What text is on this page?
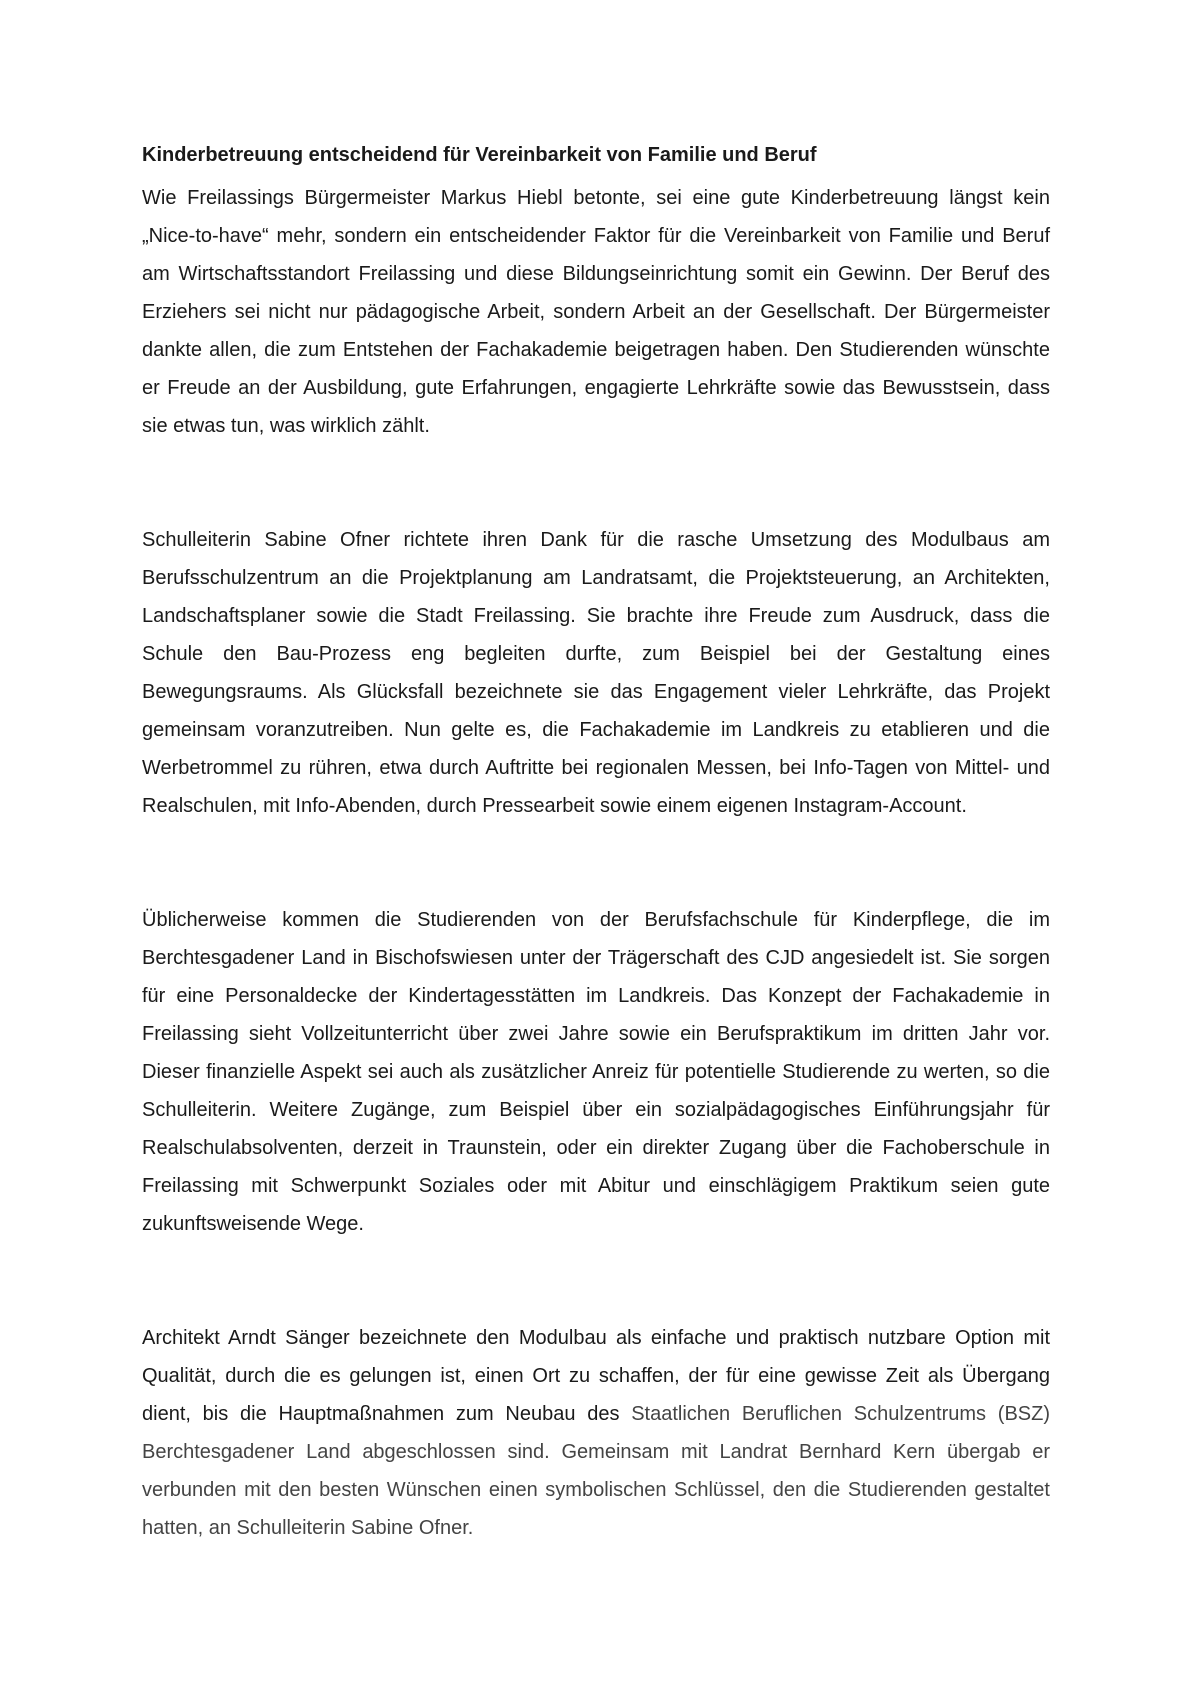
Kinderbetreuung entscheidend für Vereinbarkeit von Familie und Beruf

Wie Freilassings Bürgermeister Markus Hiebl betonte, sei eine gute Kinderbetreuung längst kein „Nice-to-have“ mehr, sondern ein entscheidender Faktor für die Vereinbarkeit von Familie und Beruf am Wirtschaftsstandort Freilassing und diese Bildungseinrichtung somit ein Gewinn. Der Beruf des Erziehers sei nicht nur pädagogische Arbeit, sondern Arbeit an der Gesellschaft. Der Bürgermeister dankte allen, die zum Entstehen der Fachakademie beigetragen haben. Den Studierenden wünschte er Freude an der Ausbildung, gute Erfahrungen, engagierte Lehrkräfte sowie das Bewusstsein, dass sie etwas tun, was wirklich zählt.

Schulleiterin Sabine Ofner richtete ihren Dank für die rasche Umsetzung des Modulbaus am Berufsschulzentrum an die Projektplanung am Landratsamt, die Projektsteuerung, an Architekten, Landschaftsplaner sowie die Stadt Freilassing. Sie brachte ihre Freude zum Ausdruck, dass die Schule den Bau-Prozess eng begleiten durfte, zum Beispiel bei der Gestaltung eines Bewegungsraums. Als Glücksfall bezeichnete sie das Engagement vieler Lehrkräfte, das Projekt gemeinsam voranzutreiben. Nun gelte es, die Fachakademie im Landkreis zu etablieren und die Werbetrommel zu rühren, etwa durch Auftritte bei regionalen Messen, bei Info-Tagen von Mittel- und Realschulen, mit Info-Abenden, durch Pressearbeit sowie einem eigenen Instagram-Account.

Üblicherweise kommen die Studierenden von der Berufsfachschule für Kinderpflege, die im Berchtesgadener Land in Bischofswiesen unter der Trägerschaft des CJD angesiedelt ist. Sie sorgen für eine Personaldecke der Kindertagesstätten im Landkreis. Das Konzept der Fachakademie in Freilassing sieht Vollzeitunterricht über zwei Jahre sowie ein Berufspraktikum im dritten Jahr vor. Dieser finanzielle Aspekt sei auch als zusätzlicher Anreiz für potentielle Studierende zu werten, so die Schulleiterin. Weitere Zugänge, zum Beispiel über ein sozialpädagogisches Einführungsjahr für Realschulabsolventen, derzeit in Traunstein, oder ein direkter Zugang über die Fachoberschule in Freilassing mit Schwerpunkt Soziales oder mit Abitur und einschlägigem Praktikum seien gute zukunftsweisende Wege.

Architekt Arndt Sänger bezeichnete den Modulbau als einfache und praktisch nutzbare Option mit Qualität, durch die es gelungen ist, einen Ort zu schaffen, der für eine gewisse Zeit als Übergang dient, bis die Hauptmaßnahmen zum Neubau des Staatlichen Beruflichen Schulzentrums (BSZ) Berchtesgadener Land abgeschlossen sind. Gemeinsam mit Landrat Bernhard Kern übergab er verbunden mit den besten Wünschen einen symbolischen Schlüssel, den die Studierenden gestaltet hatten, an Schulleiterin Sabine Ofner.
